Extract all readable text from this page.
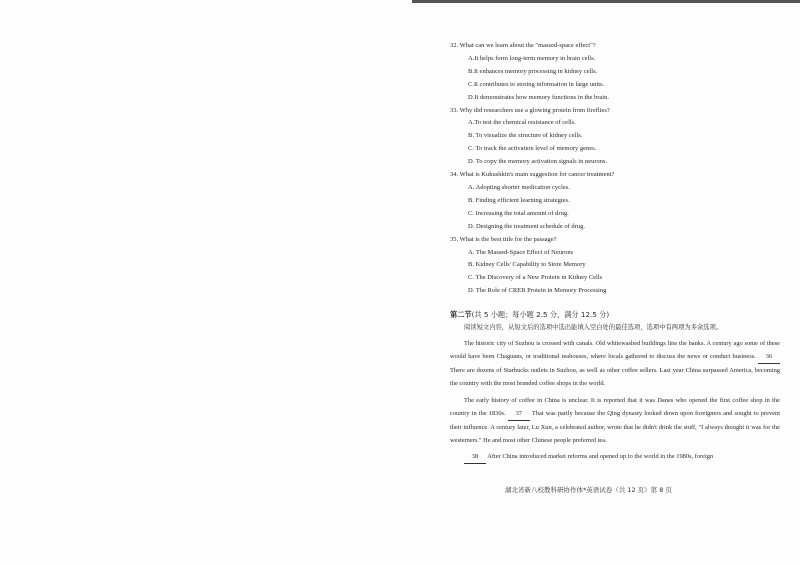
32. What can we learn about the "massed-space effect"?
A.It helps form long-term memory in brain cells.
B.It enhances memory processing in kidney cells.
C.It contributes to storing information in large units.
D.It demonstrates how memory functions in the brain.
33. Why did researchers use a glowing protein from fireflies?
A.To test the chemical resistance of cells.
B. To visualize the structure of kidney cells.
C. To track the activation level of memory genes.
D. To copy the memory activation signals in neurons.
34. What is Kukushkin's main suggestion for cancer treatment?
A. Adopting shorter medication cycles.
B. Finding efficient learning strategies.
C. Increasing the total amount of drug.
D. Designing the treatment schedule of drug.
35. What is the best title for the passage?
A. The Massed-Space Effect of Neurons
B. Kidney Cells' Capability to Store Memory
C. The Discovery of a New Protein in Kidney Cells
D. The Role of CREB Protein in Memory Processing
第二节(共 5 小题；每小题 2.5 分，满分 12.5 分)
阅读短文内容，从短文后的选项中选出能填入空白处的最佳选项，选项中有两项为多余选项。
The historic city of Suzhou is crossed with canals. Old whitewashed buildings line the banks. A century ago some of these would have been Chaguans, or traditional teahouses, where locals gathered to discuss the news or conduct business. 36 There are dozens of Starbucks outlets in Suzhou, as well as other coffee sellers. Last year China surpassed America, becoming the country with the most branded coffee shops in the world.
The early history of coffee in China is unclear. It is reported that it was Danes who opened the first coffee shop in the country in the 1830s. 37 That was partly because the Qing dynasty looked down upon foreigners and sought to prevent their influence. A century later, Lu Xun, a celebrated author, wrote that he didn't drink the stuff, "I always thought it was for the westerners." He and most other Chinese people preferred tea.
38 After China introduced market reforms and opened up to the world in the 1980s, foreign
湖北省新八校教科研协作体*英语试卷（共 12 页）第 8 页
